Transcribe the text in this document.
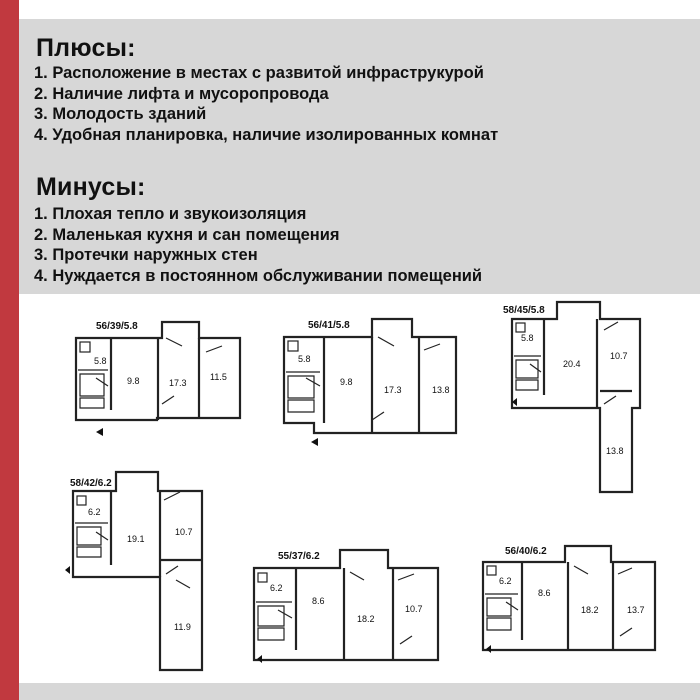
Плюсы:
1. Расположение в местах с развитой инфраструкурой
2. Наличие лифта и мусоропровода
3. Молодость зданий
4. Удобная планировка, наличие изолированных комнат
Минусы:
1. Плохая тепло и звукоизоляция
2. Маленькая кухня и сан помещения
3. Протечки наружных стен
4. Нуждается в постоянном обслуживании помещений
56/39/5.8
5.8
9.8	17.3
11.5
56/41/5.8
5.8
9.8
17.3	13.8
58/45/5.8
5.8
20.4
10.7
13.8
58/42/6.2
6.2
19.1
10.7
11.9
55/37/6.2
6.2
8.6
18.2
10.7
56/40/6.2
6.2
8.6
18.2	13.7
